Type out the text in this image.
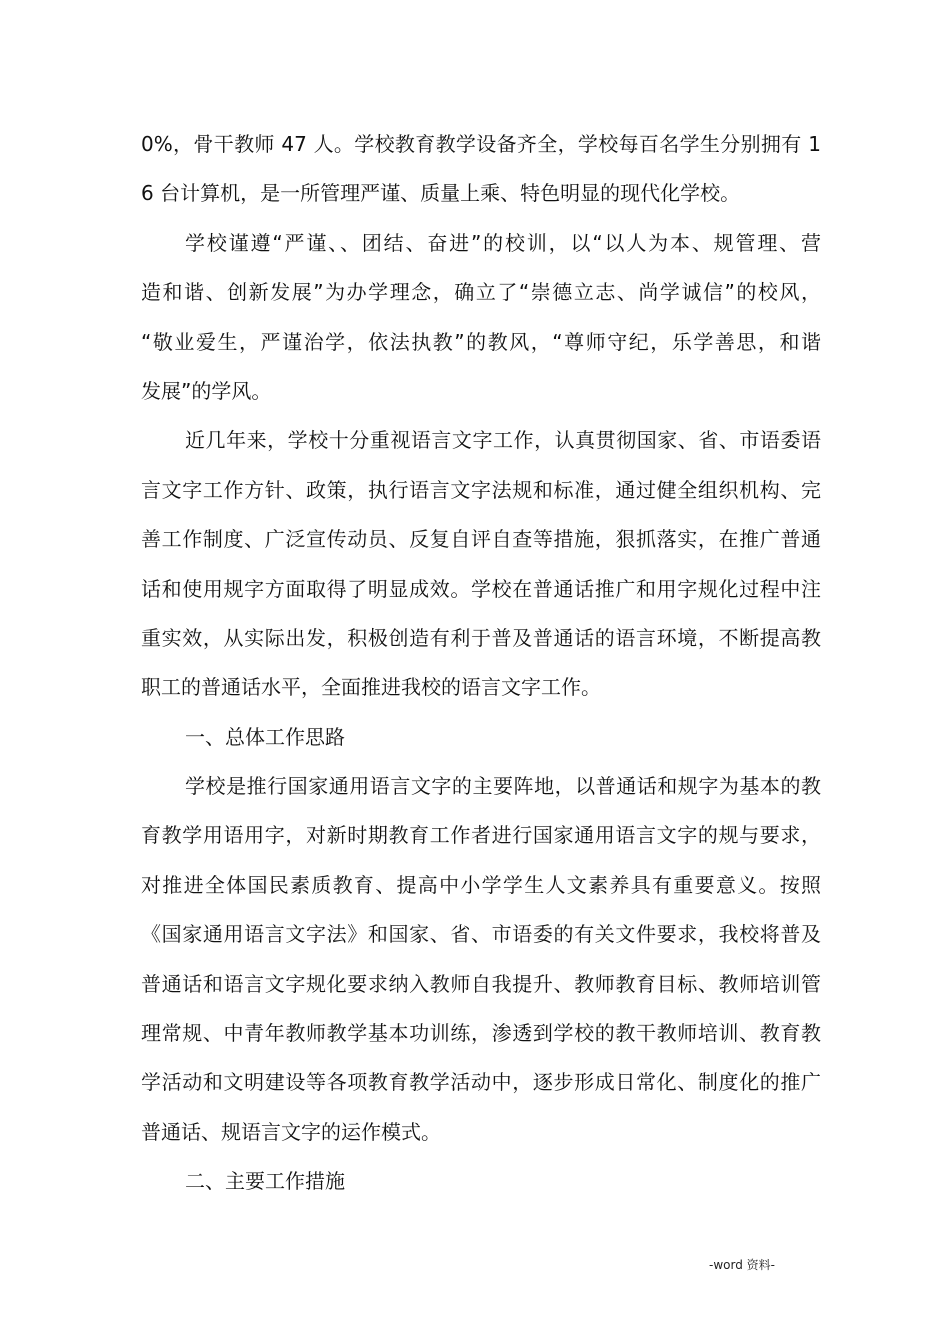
0%，骨干教师 47 人。学校教育教学设备齐全，学校每百名学生分别拥有 1
6 台计算机，是一所管理严谨、质量上乘、特色明显的现代化学校。
学校谨遵“严谨、、团结、奋进”的校训，以“以人为本、规管理、营
造和谐、创新发展”为办学理念，确立了“崇德立志、尚学诚信”的校风，
“敬业爱生，严谨治学，依法执教”的教风，“尊师守纪，乐学善思，和谐
发展”的学风。
近几年来，学校十分重视语言文字工作，认真贯彻国家、省、市语委语
言文字工作方针、政策，执行语言文字法规和标准，通过健全组织机构、完
善工作制度、广泛宣传动员、反复自评自查等措施，狠抓落实，在推广普通
话和使用规字方面取得了明显成效。学校在普通话推广和用字规化过程中注
重实效，从实际出发，积极创造有利于普及普通话的语言环境，不断提高教
职工的普通话水平，全面推进我校的语言文字工作。
一、总体工作思路
学校是推行国家通用语言文字的主要阵地，以普通话和规字为基本的教
育教学用语用字，对新时期教育工作者进行国家通用语言文字的规与要求，
对推进全体国民素质教育、提高中小学学生人文素养具有重要意义。按照
《国家通用语言文字法》和国家、省、市语委的有关文件要求，我校将普及
普通话和语言文字规化要求纳入教师自我提升、教师教育目标、教师培训管
理常规、中青年教师教学基本功训练，渗透到学校的教干教师培训、教育教
学活动和文明建设等各项教育教学活动中，逐步形成日常化、制度化的推广
普通话、规语言文字的运作模式。
二、主要工作措施
-word 资料-
